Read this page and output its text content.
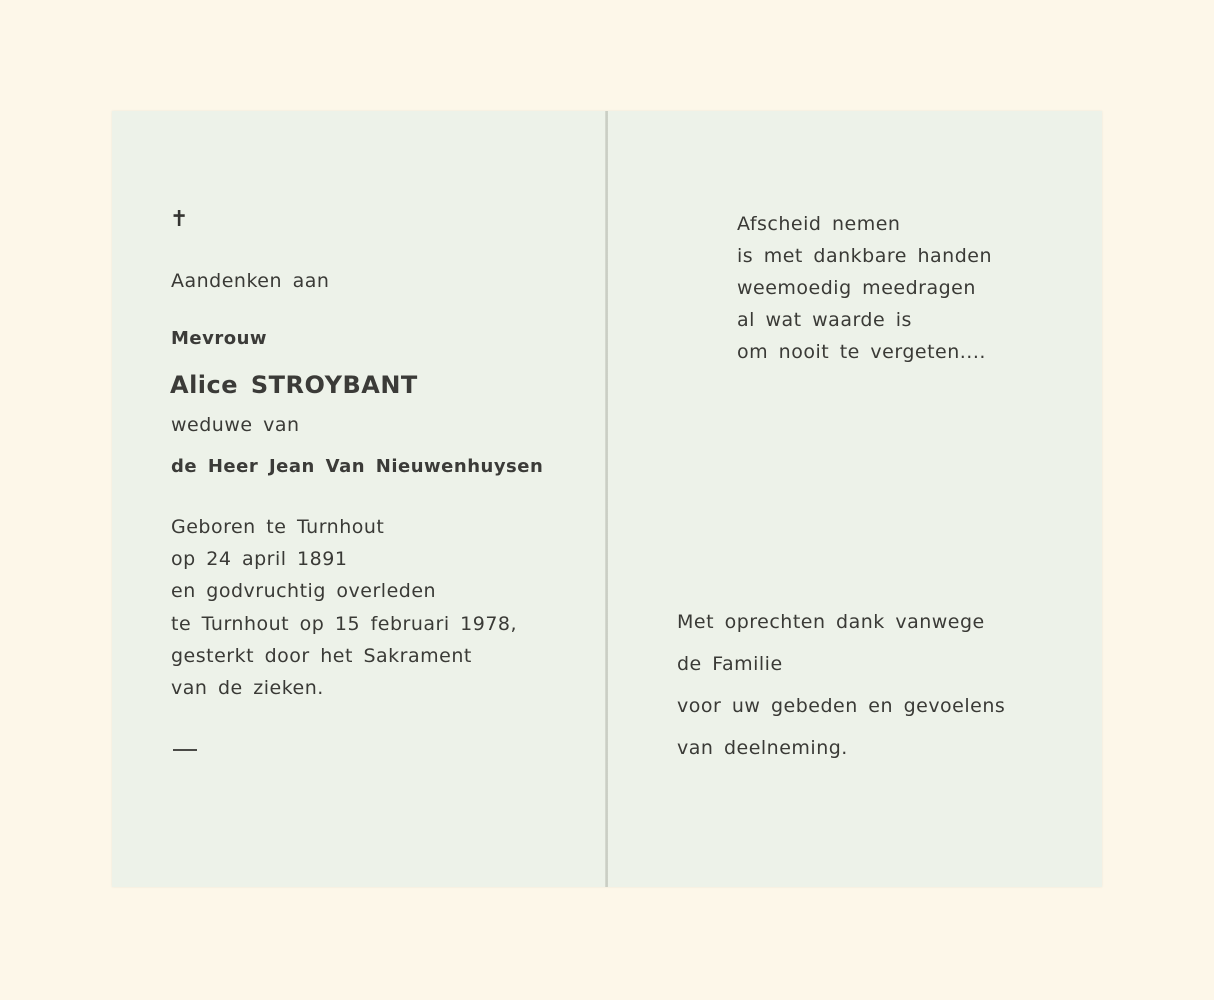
✝
Aandenken aan
Mevrouw
Alice STROYBANT
weduwe van
de Heer Jean Van Nieuwenhuysen
Geboren te Turnhout
op 24 april 1891
en godvruchtig overleden
te Turnhout op 15 februari 1978,
gesterkt door het Sakrament
van de zieken.
Afscheid nemen
is met dankbare handen
weemoedig meedragen
al wat waarde is
om nooit te vergeten....
Met oprechten dank vanwege
de Familie
voor uw gebeden en gevoelens
van deelneming.
